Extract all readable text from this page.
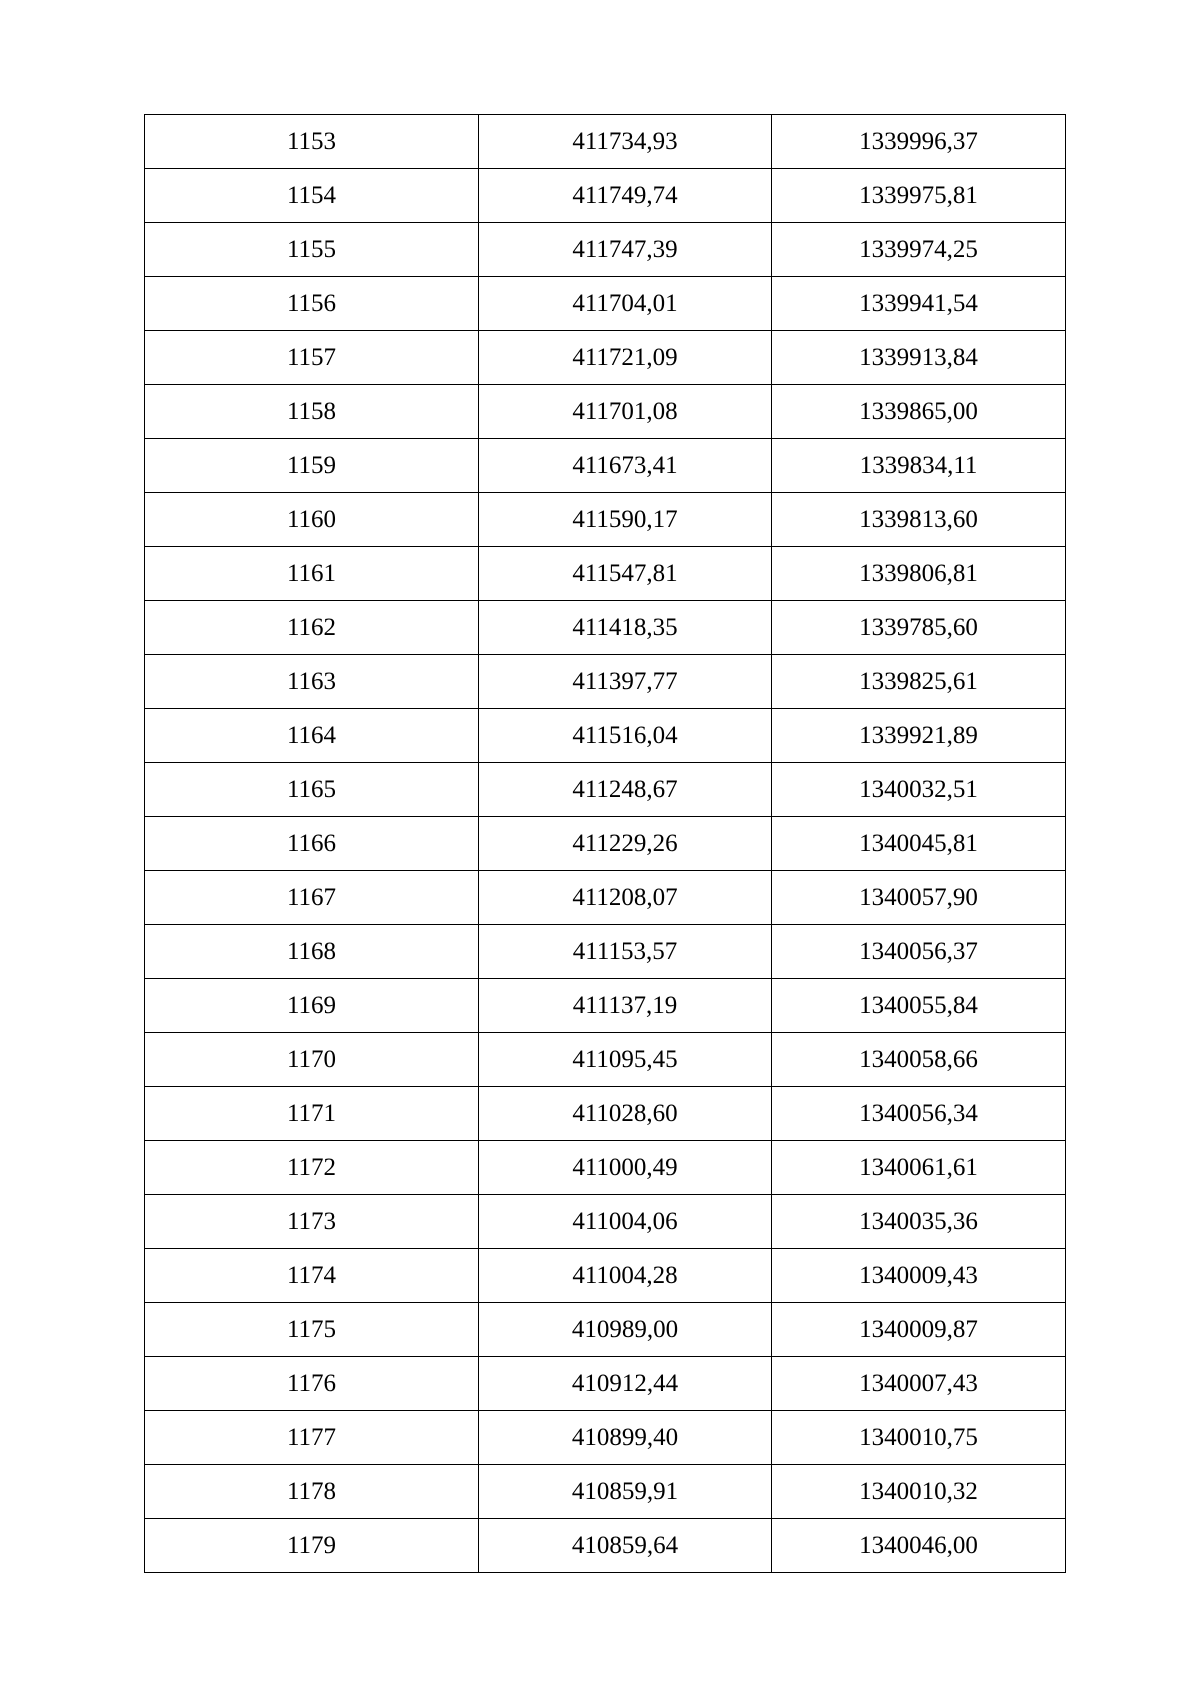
1153	411734,93	1339996,37
1154	411749,74	1339975,81
1155	411747,39	1339974,25
1156	411704,01	1339941,54
1157	411721,09	1339913,84
1158	411701,08	1339865,00
1159	411673,41	1339834,11
1160	411590,17	1339813,60
1161	411547,81	1339806,81
1162	411418,35	1339785,60
1163	411397,77	1339825,61
1164	411516,04	1339921,89
1165	411248,67	1340032,51
1166	411229,26	1340045,81
1167	411208,07	1340057,90
1168	411153,57	1340056,37
1169	411137,19	1340055,84
1170	411095,45	1340058,66
1171	411028,60	1340056,34
1172	411000,49	1340061,61
1173	411004,06	1340035,36
1174	411004,28	1340009,43
1175	410989,00	1340009,87
1176	410912,44	1340007,43
1177	410899,40	1340010,75
1178	410859,91	1340010,32
1179	410859,64	1340046,00
